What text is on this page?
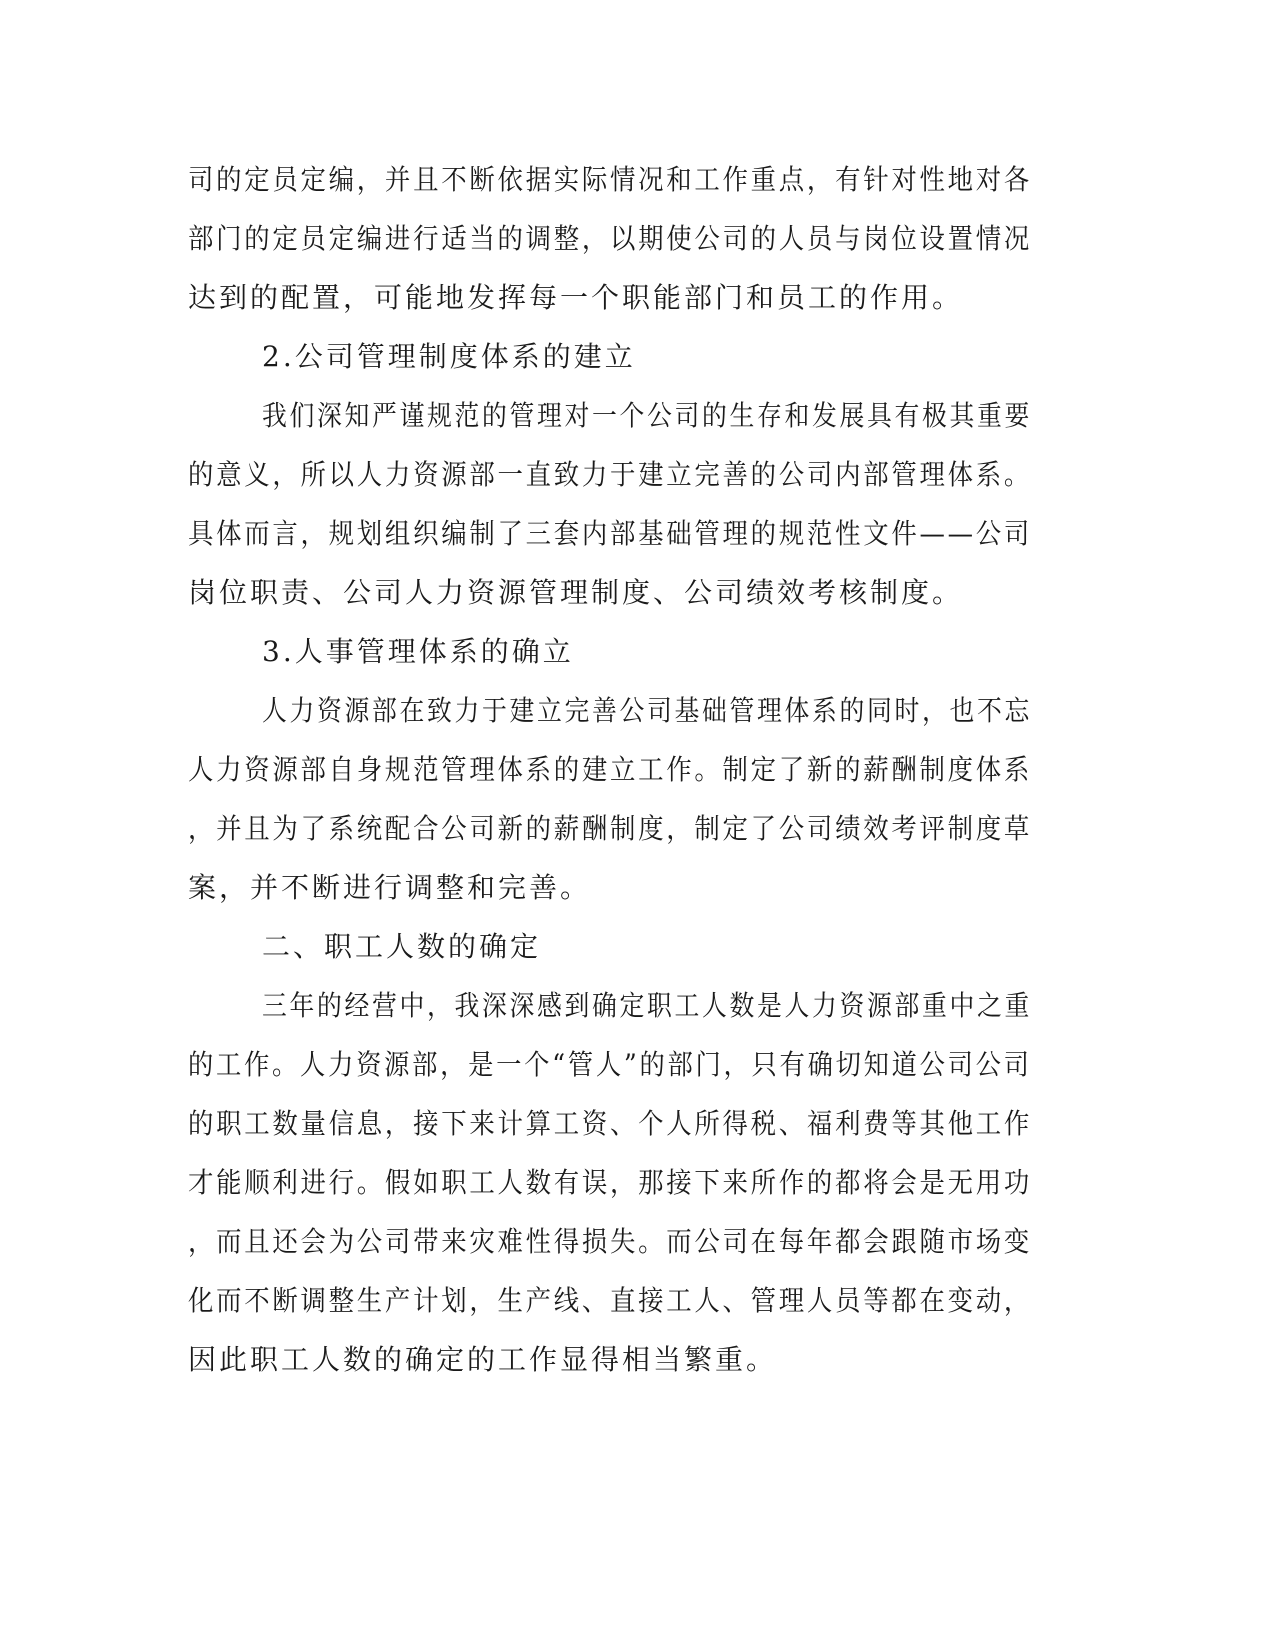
司的定员定编，并且不断依据实际情况和工作重点，有针对性地对各
部门的定员定编进行适当的调整，以期使公司的人员与岗位设置情况
达到的配置，可能地发挥每一个职能部门和员工的作用。
2.公司管理制度体系的建立
我们深知严谨规范的管理对一个公司的生存和发展具有极其重要
的意义，所以人力资源部一直致力于建立完善的公司内部管理体系。
具体而言，规划组织编制了三套内部基础管理的规范性文件——公司
岗位职责、公司人力资源管理制度、公司绩效考核制度。
3.人事管理体系的确立
人力资源部在致力于建立完善公司基础管理体系的同时，也不忘
人力资源部自身规范管理体系的建立工作。制定了新的薪酬制度体系
，并且为了系统配合公司新的薪酬制度，制定了公司绩效考评制度草
案，并不断进行调整和完善。
二、职工人数的确定
三年的经营中，我深深感到确定职工人数是人力资源部重中之重
的工作。人力资源部，是一个“管人”的部门，只有确切知道公司公司
的职工数量信息，接下来计算工资、个人所得税、福利费等其他工作
才能顺利进行。假如职工人数有误，那接下来所作的都将会是无用功
，而且还会为公司带来灾难性得损失。而公司在每年都会跟随市场变
化而不断调整生产计划，生产线、直接工人、管理人员等都在变动，
因此职工人数的确定的工作显得相当繁重。
